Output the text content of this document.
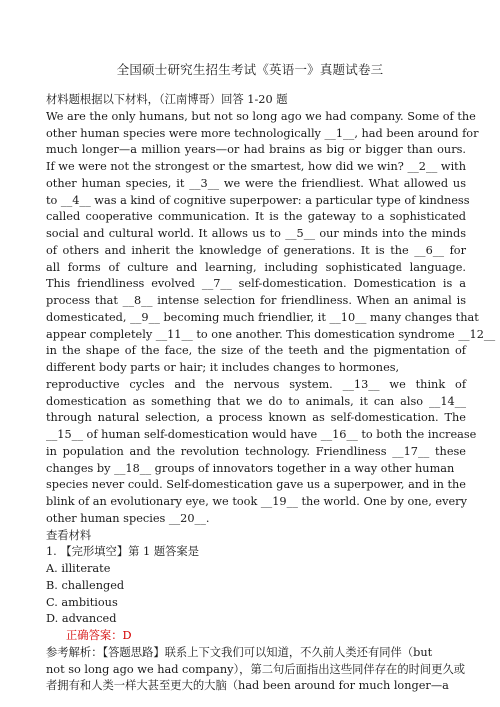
全国硕士研究生招生考试《英语一》真题试卷三
材料题根据以下材料，（江南博哥）回答 1-20 题
We are the only humans, but not so long ago we had company. Some of the
other human species were more technologically __1__, had been around for
much longer—a million years—or had brains as big or bigger than ours.
If we were not the strongest or the smartest, how did we win? __2__ with
other human species, it __3__ we were the friendliest. What allowed us
to __4__ was a kind of cognitive superpower: a particular type of kindness
called cooperative communication. It is the gateway to a sophisticated
social and cultural world. It allows us to __5__ our minds into the minds
of others and inherit the knowledge of generations. It is the __6__ for
all forms of culture and learning, including sophisticated language.
This friendliness evolved __7__ self-domestication. Domestication is a
process that __8__ intense selection for friendliness. When an animal is
domesticated, __9__ becoming much friendlier, it __10__ many changes that
appear completely __11__ to one another. This domestication syndrome __12__
in the shape of the face, the size of the teeth and the pigmentation of
different body parts or hair; it includes changes to hormones,
reproductive cycles and the nervous system. __13__ we think of
domestication as something that we do to animals, it can also __14__
through natural selection, a process known as self-domestication. The
__15__ of human self-domestication would have __16__ to both the increase
in population and the revolution technology. Friendliness __17__ these
changes by __18__ groups of innovators together in a way other human
species never could. Self-domestication gave us a superpower, and in the
blink of an evolutionary eye, we took __19__ the world. One by one, every
other human species __20__.
查看材料
1. 【完形填空】第 1 题答案是
A. illiterate
B. challenged
C. ambitious
D. advanced
正确答案：D
参考解析：【答题思路】联系上下文我们可以知道，不久前人类还有同伴（but
not so long ago we had company），第二句后面指出这些同伴存在的时间更久或
者拥有和人类一样大甚至更大的大脑（had been around for much longer—a
